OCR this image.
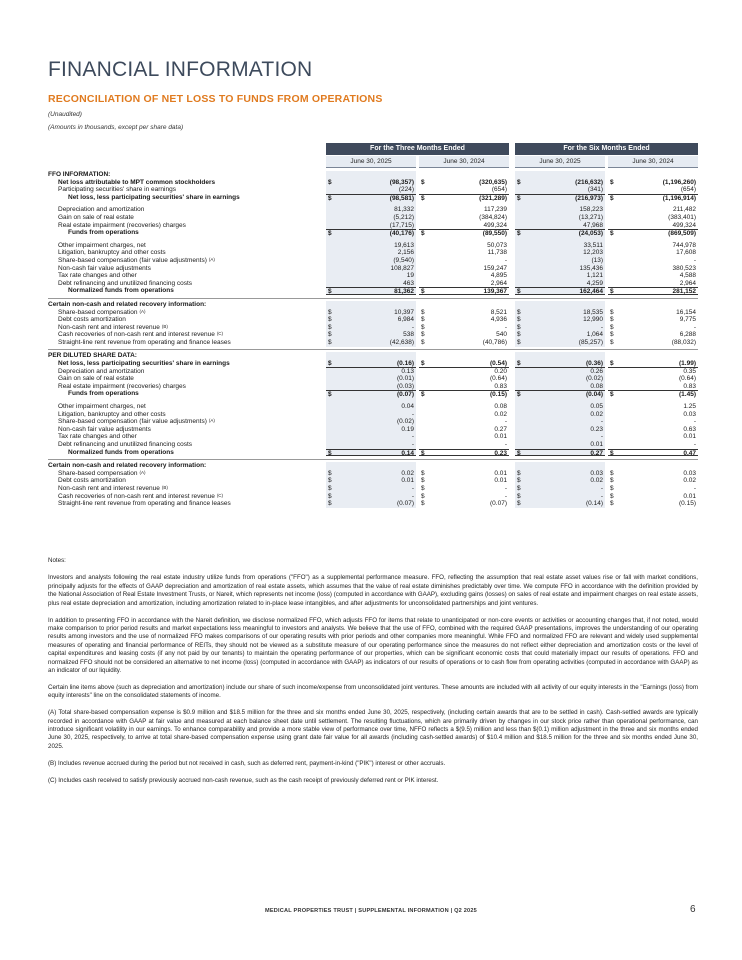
FINANCIAL INFORMATION
RECONCILIATION OF NET LOSS TO FUNDS FROM OPERATIONS
(Unaudited)
(Amounts in thousands, except per share data)
For the Three Months Ended	For the Six Months Ended
June 30, 2025	June 30, 2024	June 30, 2025	June 30, 2024
FFO INFORMATION:
Net loss attributable to MPT common stockholders	$	(98,357) $	(320,635) $	(216,632) $	(1,196,260)
Participating securities' share in earnings	(224)	(654)	(341)	(654)
Net loss, less participating securities' share in earnings	$	(98,581) $	(321,289) $	(216,973) $	(1,196,914)
Depreciation and amortization	81,332	117,239	158,223	211,482
Gain on sale of real estate	(5,212)	(384,824)	(13,271)	(383,401)
Real estate impairment (recoveries) charges	(17,715)	499,324	47,968	499,324
Funds from operations	$	(40,176) $	(89,550) $	(24,053) $	(869,509)
Other impairment charges, net	19,613	50,073	33,511	744,978
Litigation, bankruptcy and other costs	2,156	11,738	12,203	17,608
Share-based compensation (fair value adjustments) $^{(A)}$	(9,540)	-	(13)	-
Non-cash fair value adjustments	108,827	159,247	135,436	380,523
Tax rate changes and other	19	4,895	1,121	4,588
Debt refinancing and unutilized financing costs	463	2,964	4,259	2,964
Normalized funds from operations	$	81,362 $	139,367 $	162,464 $	281,152
Certain non-cash and related recovery information:
Share-based compensation $^{(A)}$	$	10,397 $	8,521 $	18,535 $	16,154
Debt costs amortization	$	6,984 $	4,936 $	12,990 $	9,775
Non-cash rent and interest revenue $^{(B)}$	$	- $	- $	- $	-
Cash recoveries of non-cash rent and interest revenue $^{(C)}$	$	538 $	540 $	1,064 $	6,288
Straight-line rent revenue from operating and finance leases	$	(42,638) $	(40,786) $	(85,257) $	(88,032)
PER DILUTED SHARE DATA:
Net loss, less participating securities' share in earnings	$	(0.16) $	(0.54) $	(0.36) $	(1.99)
Depreciation and amortization	0.13	0.20	0.26	0.35
Gain on sale of real estate	(0.01)	(0.64)	(0.02)	(0.64)
Real estate impairment (recoveries) charges	(0.03)	0.83	0.08	0.83
Funds from operations	$	(0.07) $	(0.15) $	(0.04) $	(1.45)
Other impairment charges, net	0.04	0.08	0.05	1.25
Litigation, bankruptcy and other costs	-	0.02	0.02	0.03
Share-based compensation (fair value adjustments) $^{(A)}$	(0.02)	-	-	-
Non-cash fair value adjustments	0.19	0.27	0.23	0.63
Tax rate changes and other	-	0.01	-	0.01
Debt refinancing and unutilized financing costs	-	-	0.01	-
Normalized funds from operations	$	0.14 $	0.23 $	0.27 $	0.47
Certain non-cash and related recovery information:
Share-based compensation $^{(A)}$	$	0.02 $	0.01 $	0.03 $	0.03
Debt costs amortization	$	0.01 $	0.01 $	0.02 $	0.02
Non-cash rent and interest revenue $^{(B)}$	$	- $	- $	- $	-
Cash recoveries of non-cash rent and interest revenue $^{(C)}$	$	- $	- $	- $	0.01
Straight-line rent revenue from operating and finance leases	$	(0.07) $	(0.07) $	(0.14) $	(0.15)

Notes:

Investors and analysts following the real estate industry utilize funds from operations ("FFO") as a supplemental performance measure. FFO, reflecting the assumption that real estate asset values rise or fall with market conditions, principally adjusts for the effects of GAAP depreciation and amortization of real estate assets, which assumes that the value of real estate diminishes predictably over time. We compute FFO in accordance with the definition provided by the National Association of Real Estate Investment Trusts, or Nareit, which represents net income (loss) (computed in accordance with GAAP), excluding gains (losses) on sales of real estate and impairment charges on real estate assets, plus real estate depreciation and amortization, including amortization related to in-place lease intangibles, and after adjustments for unconsolidated partnerships and joint ventures.

In addition to presenting FFO in accordance with the Nareit definition, we disclose normalized FFO, which adjusts FFO for items that relate to unanticipated or non-core events or activities or accounting changes that, if not noted, would make comparison to prior period results and market expectations less meaningful to investors and analysts. We believe that the use of FFO, combined with the required GAAP presentations, improves the understanding of our operating results among investors and the use of normalized FFO makes comparisons of our operating results with prior periods and other companies more meaningful. While FFO and normalized FFO are relevant and widely used supplemental measures of operating and financial performance of REITs, they should not be viewed as a substitute measure of our operating performance since the measures do not reflect either depreciation and amortization costs or the level of capital expenditures and leasing costs (if any not paid by our tenants) to maintain the operating performance of our properties, which can be significant economic costs that could materially impact our results of operations. FFO and normalized FFO should not be considered an alternative to net income (loss) (computed in accordance with GAAP) as indicators of our results of operations or to cash flow from operating activities (computed in accordance with GAAP) as an indicator of our liquidity.

Certain line items above (such as depreciation and amortization) include our share of such income/expense from unconsolidated joint ventures. These amounts are included with all activity of our equity interests in the "Earnings (loss) from equity interests" line on the consolidated statements of income.

(A) Total share-based compensation expense is $0.9 million and $18.5 million for the three and six months ended June 30, 2025, respectively, (including certain awards that are to be settled in cash). Cash-settled awards are typically recorded in accordance with GAAP at fair value and measured at each balance sheet date until settlement. The resulting fluctuations, which are primarily driven by changes in our stock price rather than operational performance, can introduce significant volatility in our earnings. To enhance comparability and provide a more stable view of performance over time, NFFO reflects a $(9.5) million and less than $(0.1) million adjustment in the three and six months ended June 30, 2025, respectively, to arrive at total share-based compensation expense using grant date fair value for all awards (including cash-settled awards) of $10.4 million and $18.5 million for the three and six months ended June 30, 2025.

(B) Includes revenue accrued during the period but not received in cash, such as deferred rent, payment-in-kind ("PIK") interest or other accruals.

(C) Includes cash received to satisfy previously accrued non-cash revenue, such as the cash receipt of previously deferred rent or PIK interest.

MEDICAL PROPERTIES TRUST | SUPPLEMENTAL INFORMATION | Q2 2025	6
